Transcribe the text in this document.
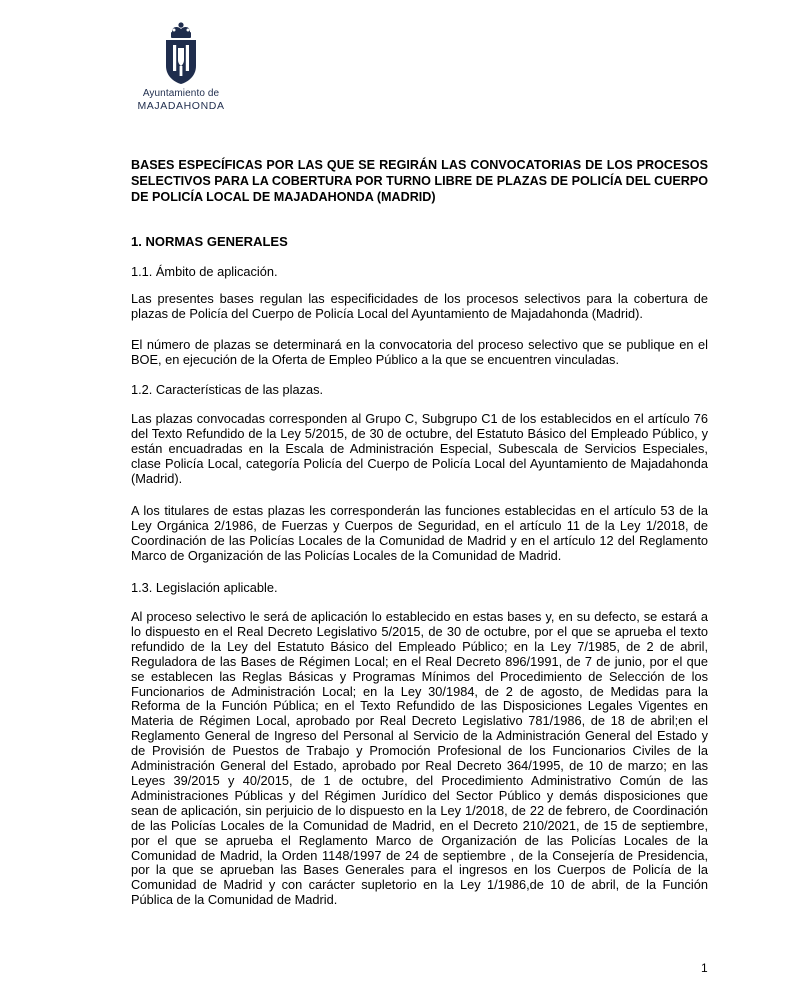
Ayuntamiento de
MAJADAHONDA

BASES ESPECÍFICAS POR LAS QUE SE REGIRÁN LAS CONVOCATORIAS DE LOS PROCESOS SELECTIVOS PARA LA COBERTURA POR TURNO LIBRE DE PLAZAS DE POLICÍA DEL CUERPO DE POLICÍA LOCAL DE MAJADAHONDA (MADRID)

1. NORMAS GENERALES

1.1. Ámbito de aplicación.

Las presentes bases regulan las especificidades de los procesos selectivos para la cobertura de plazas de Policía del Cuerpo de Policía Local del Ayuntamiento de Majadahonda (Madrid).

El número de plazas se determinará en la convocatoria del proceso selectivo que se publique en el BOE, en ejecución de la Oferta de Empleo Público a la que se encuentren vinculadas.

1.2. Características de las plazas.

Las plazas convocadas corresponden al Grupo C, Subgrupo C1 de los establecidos en el artículo 76 del Texto Refundido de la Ley 5/2015, de 30 de octubre, del Estatuto Básico del Empleado Público, y están encuadradas en la Escala de Administración Especial, Subescala de Servicios Especiales, clase Policía Local, categoría Policía del Cuerpo de Policía Local del Ayuntamiento de Majadahonda (Madrid).

A los titulares de estas plazas les corresponderán las funciones establecidas en el artículo 53 de la Ley Orgánica 2/1986, de Fuerzas y Cuerpos de Seguridad, en el artículo 11 de la Ley 1/2018, de Coordinación de las Policías Locales de la Comunidad de Madrid y en el artículo 12 del Reglamento Marco de Organización de las Policías Locales de la Comunidad de Madrid.

1.3. Legislación aplicable.

Al proceso selectivo le será de aplicación lo establecido en estas bases y, en su defecto, se estará a lo dispuesto en el Real Decreto Legislativo 5/2015, de 30 de octubre, por el que se aprueba el texto refundido de la Ley del Estatuto Básico del Empleado Público; en la Ley 7/1985, de 2 de abril, Reguladora de las Bases de Régimen Local; en el Real Decreto 896/1991, de 7 de junio, por el que se establecen las Reglas Básicas y Programas Mínimos del Procedimiento de Selección de los Funcionarios de Administración Local; en la Ley 30/1984, de 2 de agosto, de Medidas para la Reforma de la Función Pública; en el Texto Refundido de las Disposiciones Legales Vigentes en Materia de Régimen Local, aprobado por Real Decreto Legislativo 781/1986, de 18 de abril;en el Reglamento General de Ingreso del Personal al Servicio de la Administración General del Estado y de Provisión de Puestos de Trabajo y Promoción Profesional de los Funcionarios Civiles de la Administración General del Estado, aprobado por Real Decreto 364/1995, de 10 de marzo; en las Leyes 39/2015 y 40/2015, de 1 de octubre, del Procedimiento Administrativo Común de las Administraciones Públicas y del Régimen Jurídico del Sector Público y demás disposiciones que sean de aplicación, sin perjuicio de lo dispuesto en la Ley 1/2018, de 22 de febrero, de Coordinación de las Policías Locales de la Comunidad de Madrid, en el Decreto 210/2021, de 15 de septiembre, por el que se aprueba el Reglamento Marco de Organización de las Policías Locales de la Comunidad de Madrid, la Orden 1148/1997 de 24 de septiembre , de la Consejería de Presidencia, por la que se aprueban las Bases Generales para el ingresos en los Cuerpos de Policía de la Comunidad de Madrid y con carácter supletorio en la Ley 1/1986,de 10 de abril, de la Función Pública de la Comunidad de Madrid.

1
